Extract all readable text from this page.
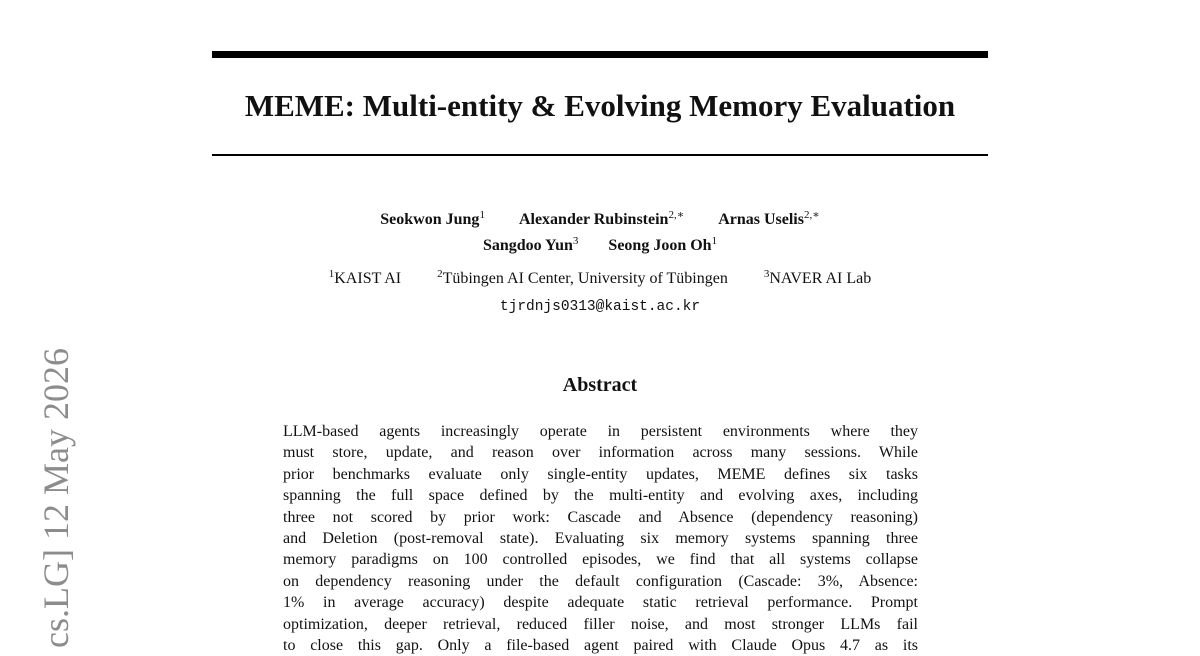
MEME: Multi-entity & Evolving Memory Evaluation
Seokwon Jung$^1$ Alexander Rubinstein$^{2,∗}$ Arnas Uselis$^{2,∗}$
Sangdoo Yun$^3$ Seong Joon Oh$^1$
$^1$KAIST AI	$^2$Tübingen AI Center, University of Tübingen	$^3$NAVER AI Lab
tjrdnjs0313@kaist.ac.kr
Abstract
LLM-based agents increasingly operate in persistent environments where they
must store, update, and reason over information across many sessions. While
prior benchmarks evaluate only single-entity updates, MEME defines six tasks
spanning the full space defined by the multi-entity and evolving axes, including
three not scored by prior work: Cascade and Absence (dependency reasoning)
and Deletion (post-removal state). Evaluating six memory systems spanning three
memory paradigms on 100 controlled episodes, we find that all systems collapse
on dependency reasoning under the default configuration (Cascade: 3%, Absence:
1% in average accuracy) despite adequate static retrieval performance. Prompt
optimization, deeper retrieval, reduced filler noise, and most stronger LLMs fail
to close this gap. Only a file-based agent paired with Claude Opus 4.7 as its
cs.LG] 12 May 2026
